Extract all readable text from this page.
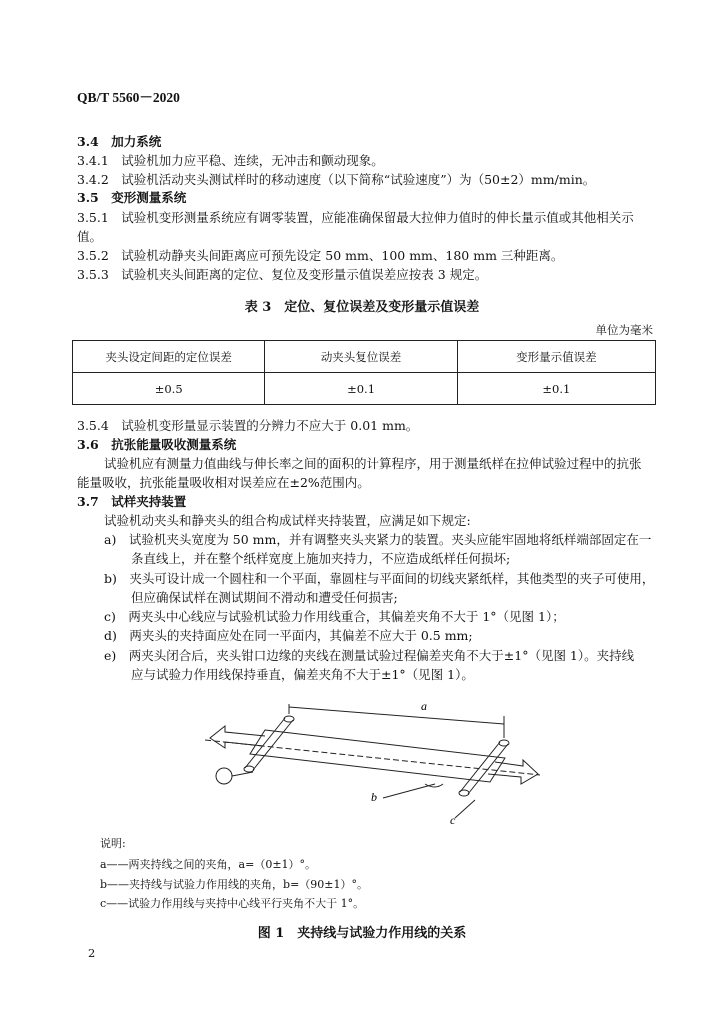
QB/T 5560－2020
3.4　加力系统
3.4.1　试验机加力应平稳、连续，无冲击和颤动现象。
3.4.2　试验机活动夹头测试样时的移动速度（以下简称“试验速度”）为（50±2）mm/min。
3.5　变形测量系统
3.5.1　试验机变形测量系统应有调零装置，应能准确保留最大拉伸力值时的伸长量示值或其他相关示
值。
3.5.2　试验机动静夹头间距离应可预先设定 50 mm、100 mm、180 mm 三种距离。
3.5.3　试验机夹头间距离的定位、复位及变形量示值误差应按表 3 规定。
表 3　定位、复位误差及变形量示值误差
单位为毫米
夹头设定间距的定位误差	动夹头复位误差	变形量示值误差
±0.5	±0.1	±0.1
3.5.4　试验机变形量显示装置的分辨力不应大于 0.01 mm。
3.6　抗张能量吸收测量系统
试验机应有测量力值曲线与伸长率之间的面积的计算程序，用于测量纸样在拉伸试验过程中的抗张
能量吸收，抗张能量吸收相对误差应在±2%范围内。
3.7　试样夹持装置
试验机动夹头和静夹头的组合构成试样夹持装置，应满足如下规定:
a)　试验机夹头宽度为 50 mm，并有调整夹头夹紧力的装置。夹头应能牢固地将纸样端部固定在一
条直线上，并在整个纸样宽度上施加夹持力，不应造成纸样任何损坏;
b)　夹头可设计成一个圆柱和一个平面，靠圆柱与平面间的切线夹紧纸样，其他类型的夹子可使用，
但应确保试样在测试期间不滑动和遭受任何损害;
c)　两夹头中心线应与试验机试验力作用线重合，其偏差夹角不大于 1°（见图 1）；
d)　两夹头的夹持面应处在同一平面内，其偏差不应大于 0.5 mm;
e)　两夹头闭合后，夹头钳口边缘的夹线在测量试验过程偏差夹角不大于±1°（见图 1）。夹持线
应与试验力作用线保持垂直，偏差夹角不大于±1°（见图 1）。
a
b
c
说明:
a——两夹持线之间的夹角，a=（0±1）°。
b——夹持线与试验力作用线的夹角，b=（90±1）°。
c——试验力作用线与夹持中心线平行夹角不大于 1°。
图 1　夹持线与试验力作用线的关系
2
